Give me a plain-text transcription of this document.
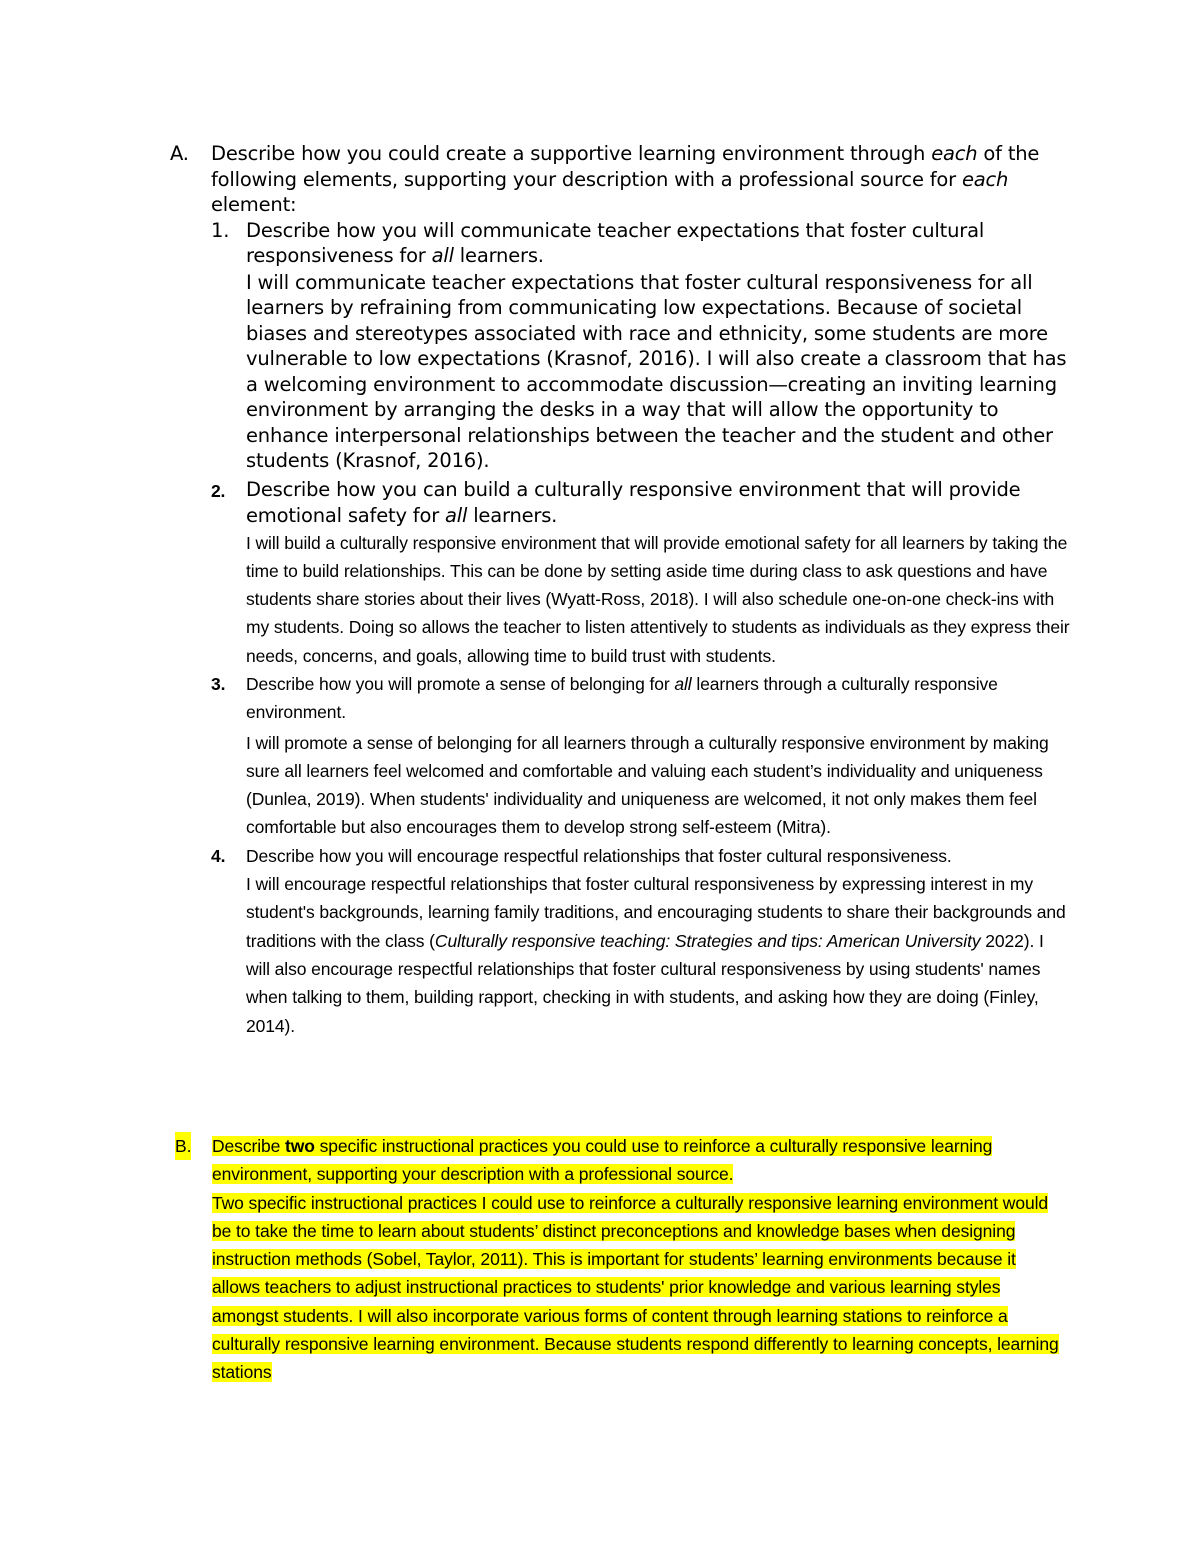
A. Describe how you could create a supportive learning environment through each of the following elements, supporting your description with a professional source for each element:

1. Describe how you will communicate teacher expectations that foster cultural responsiveness for all learners.

I will communicate teacher expectations that foster cultural responsiveness for all learners by refraining from communicating low expectations. Because of societal biases and stereotypes associated with race and ethnicity, some students are more vulnerable to low expectations (Krasnof, 2016). I will also create a classroom that has a welcoming environment to accommodate discussion—creating an inviting learning environment by arranging the desks in a way that will allow the opportunity to enhance interpersonal relationships between the teacher and the student and other students (Krasnof, 2016).

2. Describe how you can build a culturally responsive environment that will provide emotional safety for all learners.

I will build a culturally responsive environment that will provide emotional safety for all learners by taking the time to build relationships. This can be done by setting aside time during class to ask questions and have students share stories about their lives (Wyatt-Ross, 2018). I will also schedule one-on-one check-ins with my students. Doing so allows the teacher to listen attentively to students as individuals as they express their needs, concerns, and goals, allowing time to build trust with students.

3. Describe how you will promote a sense of belonging for all learners through a culturally responsive environment.

I will promote a sense of belonging for all learners through a culturally responsive environment by making sure all learners feel welcomed and comfortable and valuing each student’s individuality and uniqueness (Dunlea, 2019). When students' individuality and uniqueness are welcomed, it not only makes them feel comfortable but also encourages them to develop strong self-esteem (Mitra).

4. Describe how you will encourage respectful relationships that foster cultural responsiveness.

I will encourage respectful relationships that foster cultural responsiveness by expressing interest in my student's backgrounds, learning family traditions, and encouraging students to share their backgrounds and traditions with the class (Culturally responsive teaching: Strategies and tips: American University 2022). I will also encourage respectful relationships that foster cultural responsiveness by using students' names when talking to them, building rapport, checking in with students, and asking how they are doing (Finley, 2014).

B. Describe two specific instructional practices you could use to reinforce a culturally responsive learning environment, supporting your description with a professional source.

Two specific instructional practices I could use to reinforce a culturally responsive learning environment would be to take the time to learn about students’ distinct preconceptions and knowledge bases when designing instruction methods (Sobel, Taylor, 2011). This is important for students’ learning environments because it allows teachers to adjust instructional practices to students' prior knowledge and various learning styles amongst students. I will also incorporate various forms of content through learning stations to reinforce a culturally responsive learning environment. Because students respond differently to learning concepts, learning stations
